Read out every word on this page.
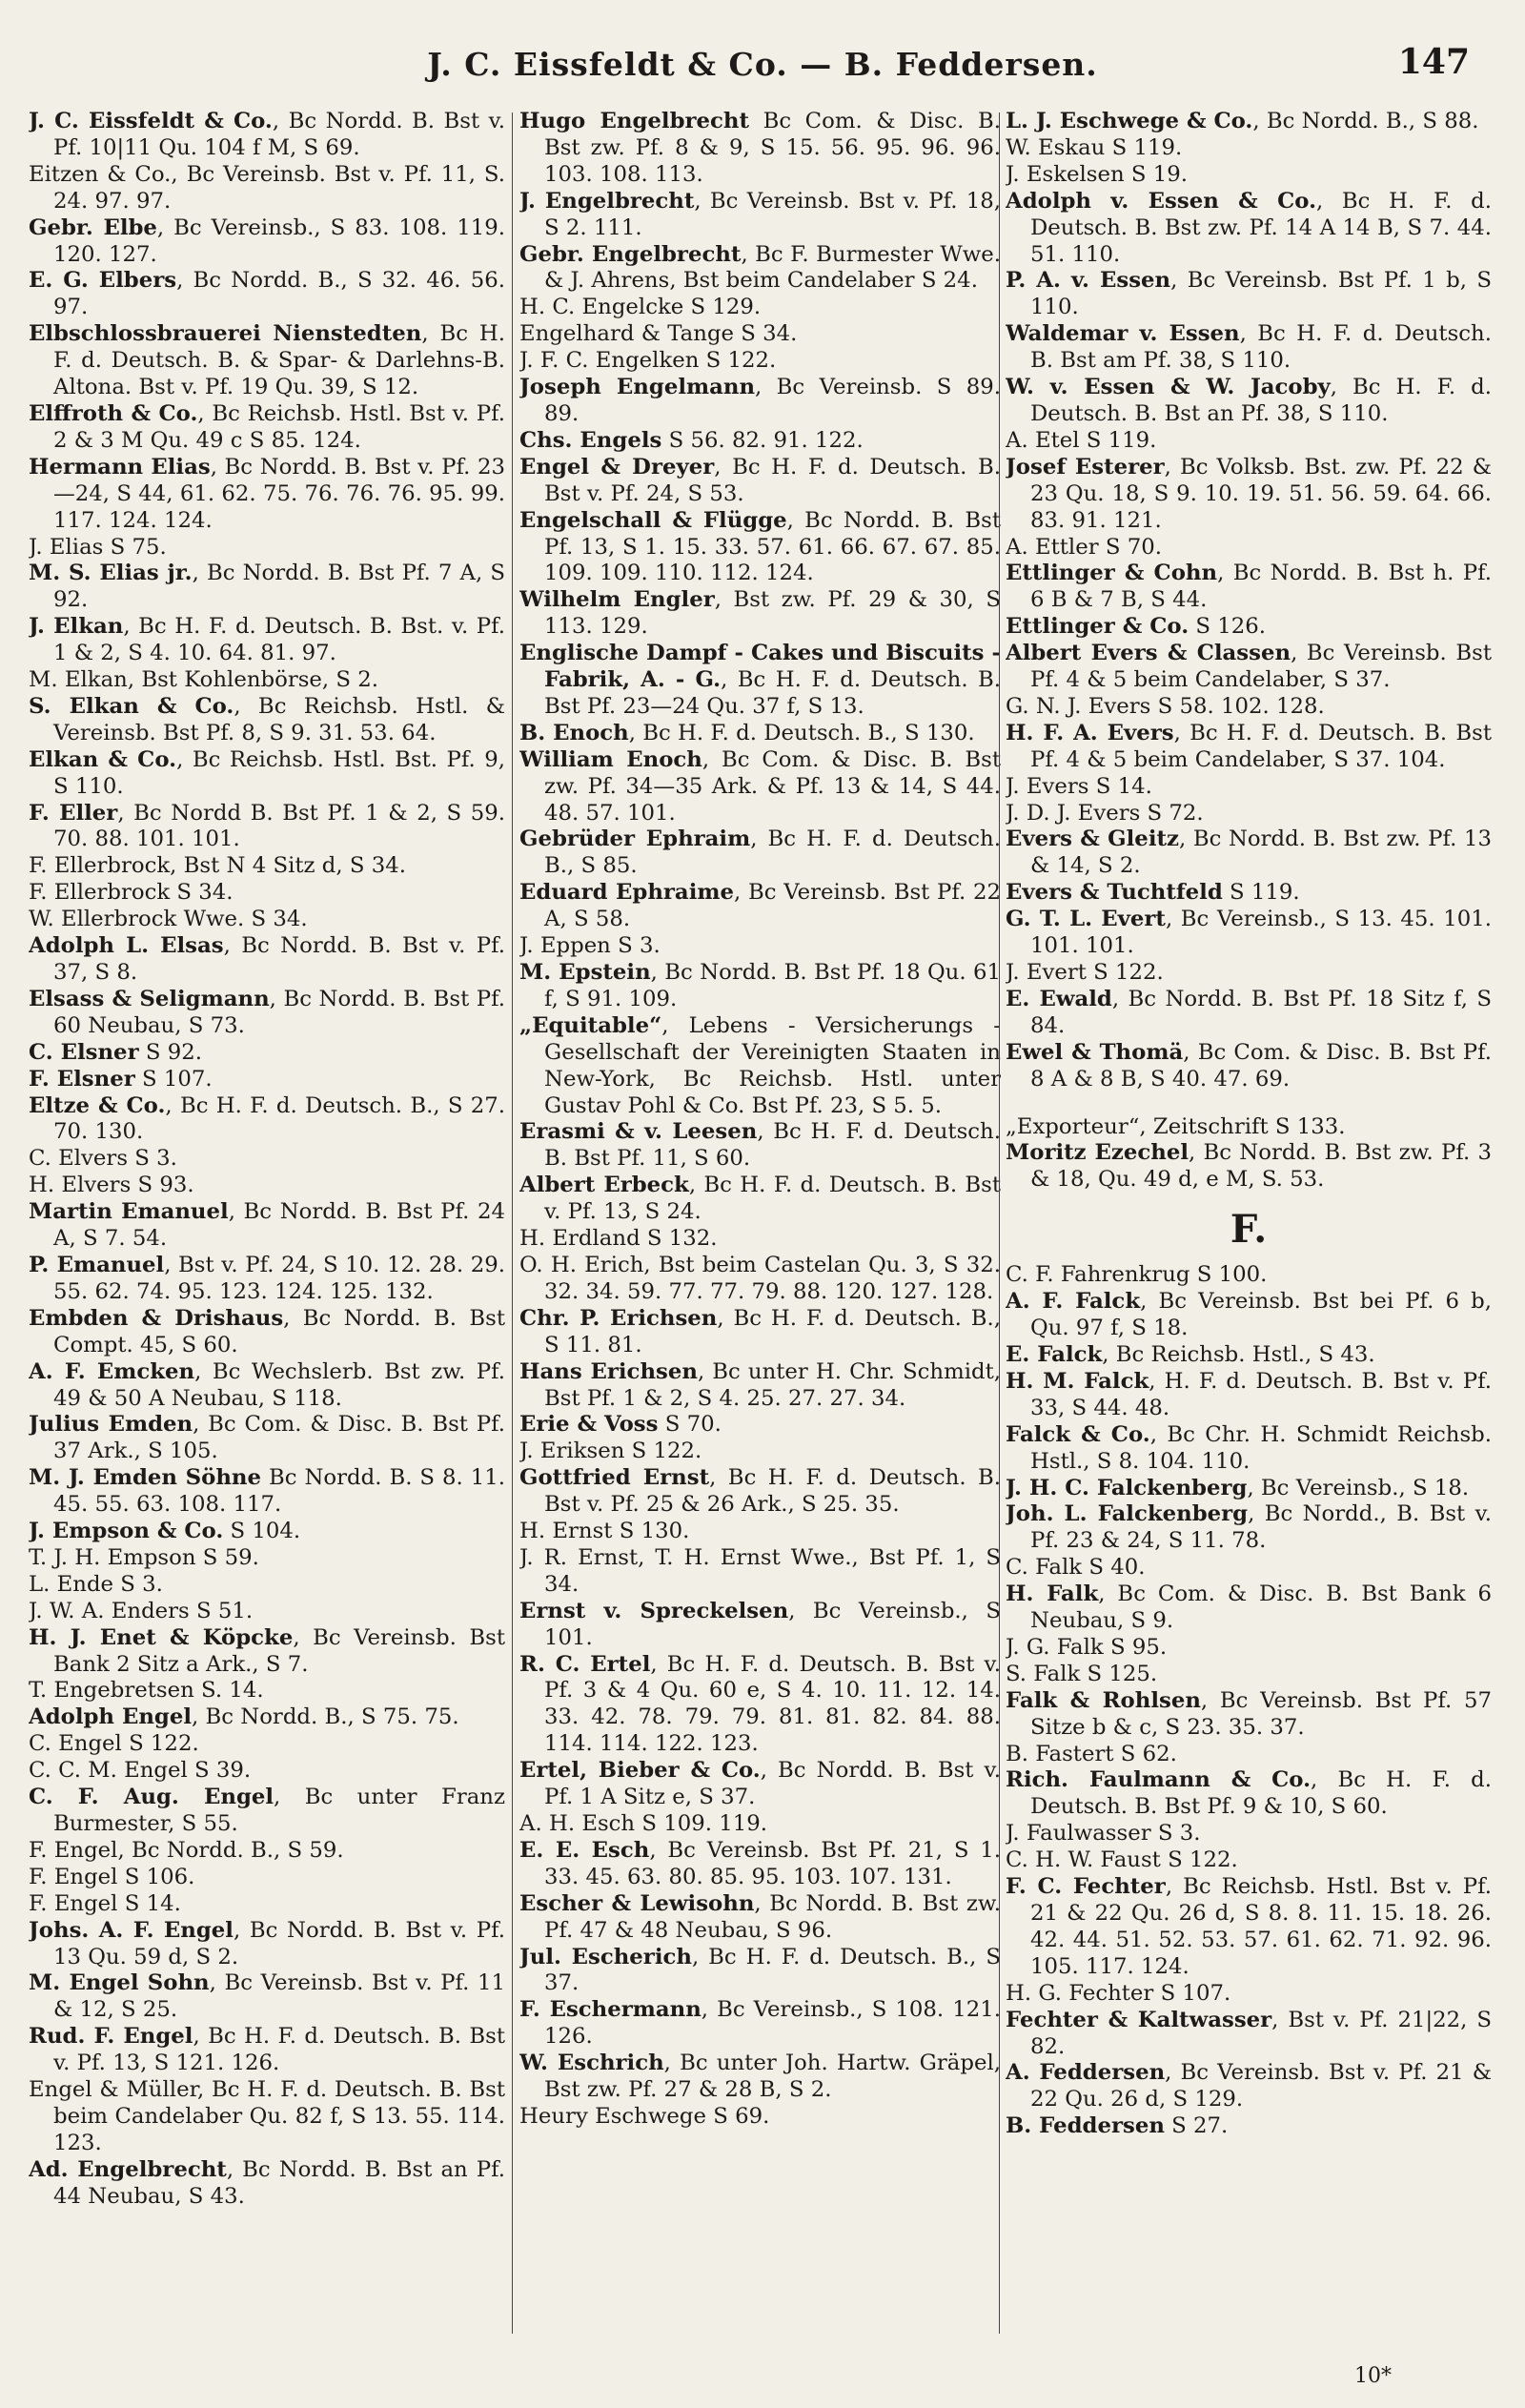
J. C. Eissfeldt & Co. — B. Feddersen.	147

J. C. Eissfeldt & Co., Bc Nordd. B. Bst v. Pf. 10|11 Qu. 104 f M, S 69.

Eitzen & Co., Bc Vereinsb. Bst v. Pf. 11, S. 24. 97. 97.

Gebr. Elbe, Bc Vereinsb., S 83. 108. 119. 120. 127.

E. G. Elbers, Bc Nordd. B., S 32. 46. 56. 97.

Elbschlossbrauerei Nienstedten, Bc H. F. d. Deutsch. B. & Spar- & Darlehns-B. Altona. Bst v. Pf. 19 Qu. 39, S 12.

Elffroth & Co., Bc Reichsb. Hstl. Bst v. Pf. 2 & 3 M Qu. 49 c S 85. 124.

Hermann Elias, Bc Nordd. B. Bst v. Pf. 23—24, S 44, 61. 62. 75. 76. 76. 76. 95. 99. 117. 124. 124.

J. Elias S 75.

M. S. Elias jr., Bc Nordd. B. Bst Pf. 7 A, S 92.

J. Elkan, Bc H. F. d. Deutsch. B. Bst. v. Pf. 1 & 2, S 4. 10. 64. 81. 97.

M. Elkan, Bst Kohlenbörse, S 2.

S. Elkan & Co., Bc Reichsb. Hstl. & Vereinsb. Bst Pf. 8, S 9. 31. 53. 64.

Elkan & Co., Bc Reichsb. Hstl. Bst. Pf. 9, S 110.

F. Eller, Bc Nordd B. Bst Pf. 1 & 2, S 59. 70. 88. 101. 101.

F. Ellerbrock, Bst N 4 Sitz d, S 34.

F. Ellerbrock S 34.

W. Ellerbrock Wwe. S 34.

Adolph L. Elsas, Bc Nordd. B. Bst v. Pf. 37, S 8.

Elsass & Seligmann, Bc Nordd. B. Bst Pf. 60 Neubau, S 73.

C. Elsner S 92.

F. Elsner S 107.

Eltze & Co., Bc H. F. d. Deutsch. B., S 27. 70. 130.

C. Elvers S 3.

H. Elvers S 93.

Martin Emanuel, Bc Nordd. B. Bst Pf. 24 A, S 7. 54.

P. Emanuel, Bst v. Pf. 24, S 10. 12. 28. 29. 55. 62. 74. 95. 123. 124. 125. 132.

Embden & Drishaus, Bc Nordd. B. Bst Compt. 45, S 60.

A. F. Emcken, Bc Wechslerb. Bst zw. Pf. 49 & 50 A Neubau, S 118.

Julius Emden, Bc Com. & Disc. B. Bst Pf. 37 Ark., S 105.

M. J. Emden Söhne Bc Nordd. B. S 8. 11. 45. 55. 63. 108. 117.

J. Empson & Co. S 104.

T. J. H. Empson S 59.

L. Ende S 3.

J. W. A. Enders S 51.

H. J. Enet & Köpcke, Bc Vereinsb. Bst Bank 2 Sitz a Ark., S 7.

T. Engebretsen S. 14.

Adolph Engel, Bc Nordd. B., S 75. 75.

C. Engel S 122.

C. C. M. Engel S 39.

C. F. Aug. Engel, Bc unter Franz Burmester, S 55.

F. Engel, Bc Nordd. B., S 59.

F. Engel S 106.

F. Engel S 14.

Johs. A. F. Engel, Bc Nordd. B. Bst v. Pf. 13 Qu. 59 d, S 2.

M. Engel Sohn, Bc Vereinsb. Bst v. Pf. 11 & 12, S 25.

Rud. F. Engel, Bc H. F. d. Deutsch. B. Bst v. Pf. 13, S 121. 126.

Engel & Müller, Bc H. F. d. Deutsch. B. Bst beim Candelaber Qu. 82 f, S 13. 55. 114. 123.

Ad. Engelbrecht, Bc Nordd. B. Bst an Pf. 44 Neubau, S 43.

Hugo Engelbrecht Bc Com. & Disc. B. Bst zw. Pf. 8 & 9, S 15. 56. 95. 96. 96. 103. 108. 113.

J. Engelbrecht, Bc Vereinsb. Bst v. Pf. 18, S 2. 111.

Gebr. Engelbrecht, Bc F. Burmester Wwe. & J. Ahrens, Bst beim Candelaber S 24.

H. C. Engelcke S 129.

Engelhard & Tange S 34.

J. F. C. Engelken S 122.

Joseph Engelmann, Bc Vereinsb. S 89. 89.

Chs. Engels S 56. 82. 91. 122.

Engel & Dreyer, Bc H. F. d. Deutsch. B. Bst v. Pf. 24, S 53.

Engelschall & Flügge, Bc Nordd. B. Bst Pf. 13, S 1. 15. 33. 57. 61. 66. 67. 67. 85. 109. 109. 110. 112. 124.

Wilhelm Engler, Bst zw. Pf. 29 & 30, S 113. 129.

Englische Dampf - Cakes und Biscuits - Fabrik, A. - G., Bc H. F. d. Deutsch. B. Bst Pf. 23—24 Qu. 37 f, S 13.

B. Enoch, Bc H. F. d. Deutsch. B., S 130.

William Enoch, Bc Com. & Disc. B. Bst zw. Pf. 34—35 Ark. & Pf. 13 & 14, S 44. 48. 57. 101.

Gebrüder Ephraim, Bc H. F. d. Deutsch. B., S 85.

Eduard Ephraime, Bc Vereinsb. Bst Pf. 22 A, S 58.

J. Eppen S 3.

M. Epstein, Bc Nordd. B. Bst Pf. 18 Qu. 61 f, S 91. 109.

„Equitable“, Lebens - Versicherungs - Gesellschaft der Vereinigten Staaten in New-York, Bc Reichsb. Hstl. unter Gustav Pohl & Co. Bst Pf. 23, S 5. 5.

Erasmi & v. Leesen, Bc H. F. d. Deutsch. B. Bst Pf. 11, S 60.

Albert Erbeck, Bc H. F. d. Deutsch. B. Bst v. Pf. 13, S 24.

H. Erdland S 132.

O. H. Erich, Bst beim Castelan Qu. 3, S 32. 32. 34. 59. 77. 77. 79. 88. 120. 127. 128.

Chr. P. Erichsen, Bc H. F. d. Deutsch. B., S 11. 81.

Hans Erichsen, Bc unter H. Chr. Schmidt, Bst Pf. 1 & 2, S 4. 25. 27. 27. 34.

Erie & Voss S 70.

J. Eriksen S 122.

Gottfried Ernst, Bc H. F. d. Deutsch. B. Bst v. Pf. 25 & 26 Ark., S 25. 35.

H. Ernst S 130.

J. R. Ernst, T. H. Ernst Wwe., Bst Pf. 1, S 34.

Ernst v. Spreckelsen, Bc Vereinsb., S 101.

R. C. Ertel, Bc H. F. d. Deutsch. B. Bst v. Pf. 3 & 4 Qu. 60 e, S 4. 10. 11. 12. 14. 33. 42. 78. 79. 79. 81. 81. 82. 84. 88. 114. 114. 122. 123.

Ertel, Bieber & Co., Bc Nordd. B. Bst v. Pf. 1 A Sitz e, S 37.

A. H. Esch S 109. 119.

E. E. Esch, Bc Vereinsb. Bst Pf. 21, S 1. 33. 45. 63. 80. 85. 95. 103. 107. 131.

Escher & Lewisohn, Bc Nordd. B. Bst zw. Pf. 47 & 48 Neubau, S 96.

Jul. Escherich, Bc H. F. d. Deutsch. B., S 37.

F. Eschermann, Bc Vereinsb., S 108. 121. 126.

W. Eschrich, Bc unter Joh. Hartw. Gräpel, Bst zw. Pf. 27 & 28 B, S 2.

Heury Eschwege S 69.

L. J. Eschwege & Co., Bc Nordd. B., S 88.

W. Eskau S 119.

J. Eskelsen S 19.

Adolph v. Essen & Co., Bc H. F. d. Deutsch. B. Bst zw. Pf. 14 A 14 B, S 7. 44. 51. 110.

P. A. v. Essen, Bc Vereinsb. Bst Pf. 1 b, S 110.

Waldemar v. Essen, Bc H. F. d. Deutsch. B. Bst am Pf. 38, S 110.

W. v. Essen & W. Jacoby, Bc H. F. d. Deutsch. B. Bst an Pf. 38, S 110.

A. Etel S 119.

Josef Esterer, Bc Volksb. Bst. zw. Pf. 22 & 23 Qu. 18, S 9. 10. 19. 51. 56. 59. 64. 66. 83. 91. 121.

A. Ettler S 70.

Ettlinger & Cohn, Bc Nordd. B. Bst h. Pf. 6 B & 7 B, S 44.

Ettlinger & Co. S 126.

Albert Evers & Classen, Bc Vereinsb. Bst Pf. 4 & 5 beim Candelaber, S 37.

G. N. J. Evers S 58. 102. 128.

H. F. A. Evers, Bc H. F. d. Deutsch. B. Bst Pf. 4 & 5 beim Candelaber, S 37. 104.

J. Evers S 14.

J. D. J. Evers S 72.

Evers & Gleitz, Bc Nordd. B. Bst zw. Pf. 13 & 14, S 2.

Evers & Tuchtfeld S 119.

G. T. L. Evert, Bc Vereinsb., S 13. 45. 101. 101. 101.

J. Evert S 122.

E. Ewald, Bc Nordd. B. Bst Pf. 18 Sitz f, S 84.

Ewel & Thomä, Bc Com. & Disc. B. Bst Pf. 8 A & 8 B, S 40. 47. 69.

„Exporteur“, Zeitschrift S 133.

Moritz Ezechel, Bc Nordd. B. Bst zw. Pf. 3 & 18, Qu. 49 d, e M, S. 53.

F.

C. F. Fahrenkrug S 100.

A. F. Falck, Bc Vereinsb. Bst bei Pf. 6 b, Qu. 97 f, S 18.

E. Falck, Bc Reichsb. Hstl., S 43.

H. M. Falck, H. F. d. Deutsch. B. Bst v. Pf. 33, S 44. 48.

Falck & Co., Bc Chr. H. Schmidt Reichsb. Hstl., S 8. 104. 110.

J. H. C. Falckenberg, Bc Vereinsb., S 18.

Joh. L. Falckenberg, Bc Nordd., B. Bst v. Pf. 23 & 24, S 11. 78.

C. Falk S 40.

H. Falk, Bc Com. & Disc. B. Bst Bank 6 Neubau, S 9.

J. G. Falk S 95.

S. Falk S 125.

Falk & Rohlsen, Bc Vereinsb. Bst Pf. 57 Sitze b & c, S 23. 35. 37.

B. Fastert S 62.

Rich. Faulmann & Co., Bc H. F. d. Deutsch. B. Bst Pf. 9 & 10, S 60.

J. Faulwasser S 3.

C. H. W. Faust S 122.

F. C. Fechter, Bc Reichsb. Hstl. Bst v. Pf. 21 & 22 Qu. 26 d, S 8. 8. 11. 15. 18. 26. 42. 44. 51. 52. 53. 57. 61. 62. 71. 92. 96. 105. 117. 124.

H. G. Fechter S 107.

Fechter & Kaltwasser, Bst v. Pf. 21|22, S 82.

A. Feddersen, Bc Vereinsb. Bst v. Pf. 21 & 22 Qu. 26 d, S 129.

B. Feddersen S 27.

10*
